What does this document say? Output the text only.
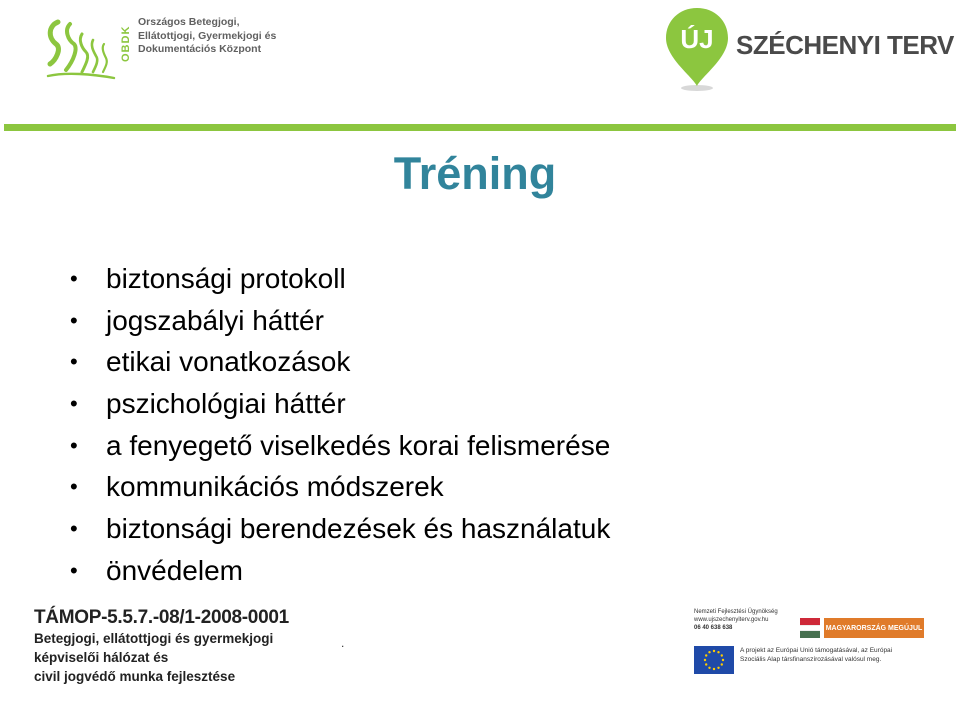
OBDK
Országos Betegjogi,
Ellátottjogi, Gyermekjogi és
Dokumentációs Központ	ÚJ SZÉCHENYI TERV
Tréning
•	biztonsági protokoll
•	jogszabályi háttér
•	etikai vonatkozások
•	pszichológiai háttér
•	a fenyegető viselkedés korai felismerése
•	kommunikációs módszerek
•	biztonsági berendezések és használatuk
•	önvédelem
TÁMOP-5.5.7.-08/1-2008-0001
Betegjogi, ellátottjogi és gyermekjogi
képviselői hálózat és
civil jogvédő munka fejlesztése
.
Nemzeti Fejlesztési Ügynökség
www.ujszechenyiterv.gov.hu
06 40 638 638	MAGYARORSZÁG MEGÚJUL
A projekt az Európai Unió támogatásával, az Európai
Szociális Alap társfinanszírozásával valósul meg.
